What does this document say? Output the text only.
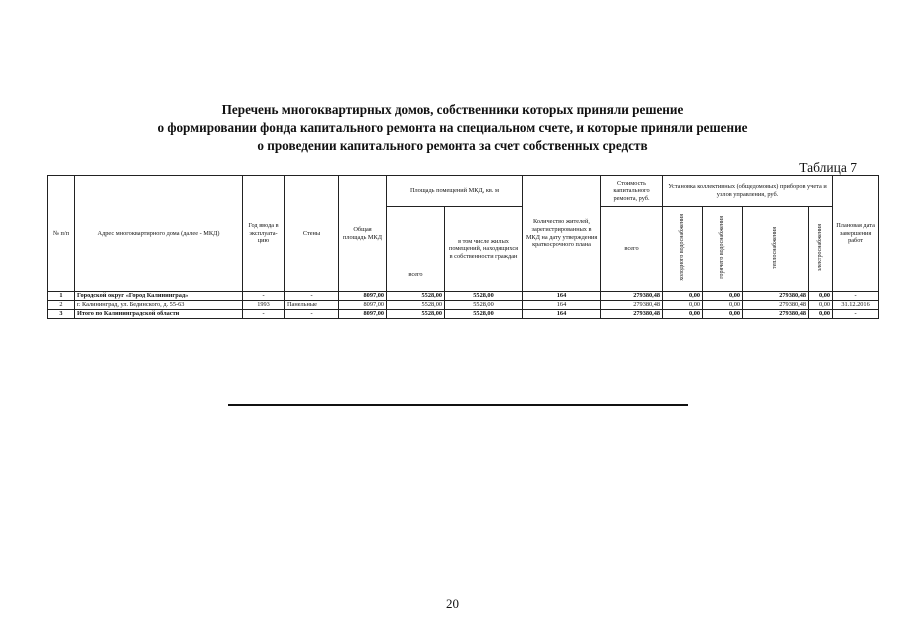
Перечень многоквартирных домов, собственники которых приняли решение
о формировании фонда капитального ремонта на специальном счете, и которые приняли решение
о проведении капитального ремонта за счет собственных средств
Таблица 7
№ п/п	Адрес многоквартирного дома (далее - МКД)	Год ввода в эксплуата-цию	Стены	Общая площадь МКД	Площадь помещений МКД, кв. м		Количество жителей, зарегистрированных в МКД на дату утверждения краткосрочного плана	Стоимость капитального ремонта, руб.	Установка коллективных (общедомовых) приборов учета и узлов управления, руб.				Плановая дата завершения работ
					всего	в том числе жилых помещений, находящихся в собственности граждан		всего	холодного водоснабжения	горячего водоснабжения	теплоснабжения	электроснабжения	
1	Городской округ «Город Калининград»	-	-	8097,00	5528,00	5528,00	164	279380,48	0,00	0,00	279380,48	0,00	-
2	г. Калининград, ул. Бединского, д. 55-63	1993	Панельные	8097,00	5528,00	5528,00	164	279380,48	0,00	0,00	279380,48	0,00	31.12.2016
3	Итого по Калининградской области	-	-	8097,00	5528,00	5528,00	164	279380,48	0,00	0,00	279380,48	0,00	-
20
